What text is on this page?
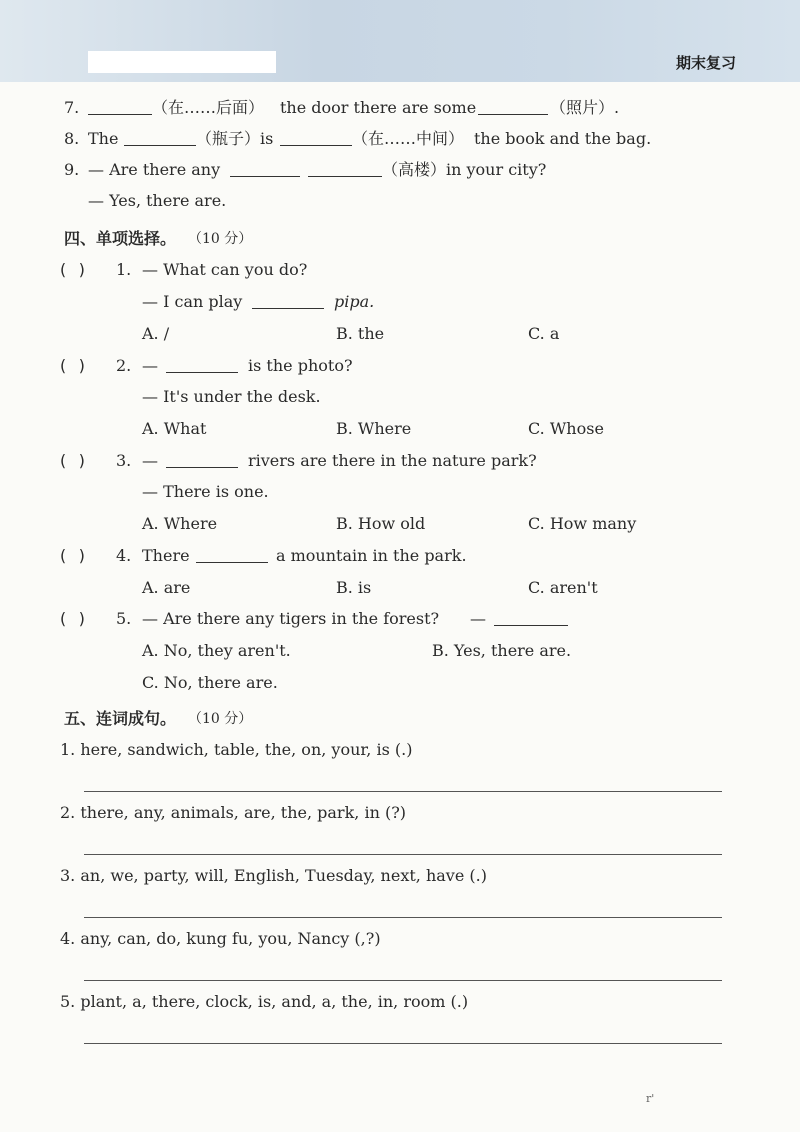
期末复习
7.	（在……后面） the door there are some	（照片）.
8. The	（瓶子）is	（在……中间） the book and the bag.
9. — Are there any	（高楼） in your city?
— Yes, there are.
四、单项选择。 （10 分）
( ) 1. — What can you do?
— I can play	pipa.
A. /	B. the	C. a
( ) 2. —	is the photo?
— It's under the desk.
A. What	B. Where	C. Whose
( ) 3. —	rivers are there in the nature park?
— There is one.
A. Where	B. How old	C. How many
( ) 4. There	a mountain in the park.
A. are	B. is	C. aren't
( ) 5. — Are there any tigers in the forest? —
A. No, they aren't.	B. Yes, there are.
C. No, there are.
五、连词成句。 （10 分）
1. here, sandwich, table, the, on, your, is (.)
2. there, any, animals, are, the, park, in (?)
3. an, we, party, will, English, Tuesday, next, have (.)
4. any, can, do, kung fu, you, Nancy (,?)
5. plant, a, there, clock, is, and, a, the, in, room (.)
r'
